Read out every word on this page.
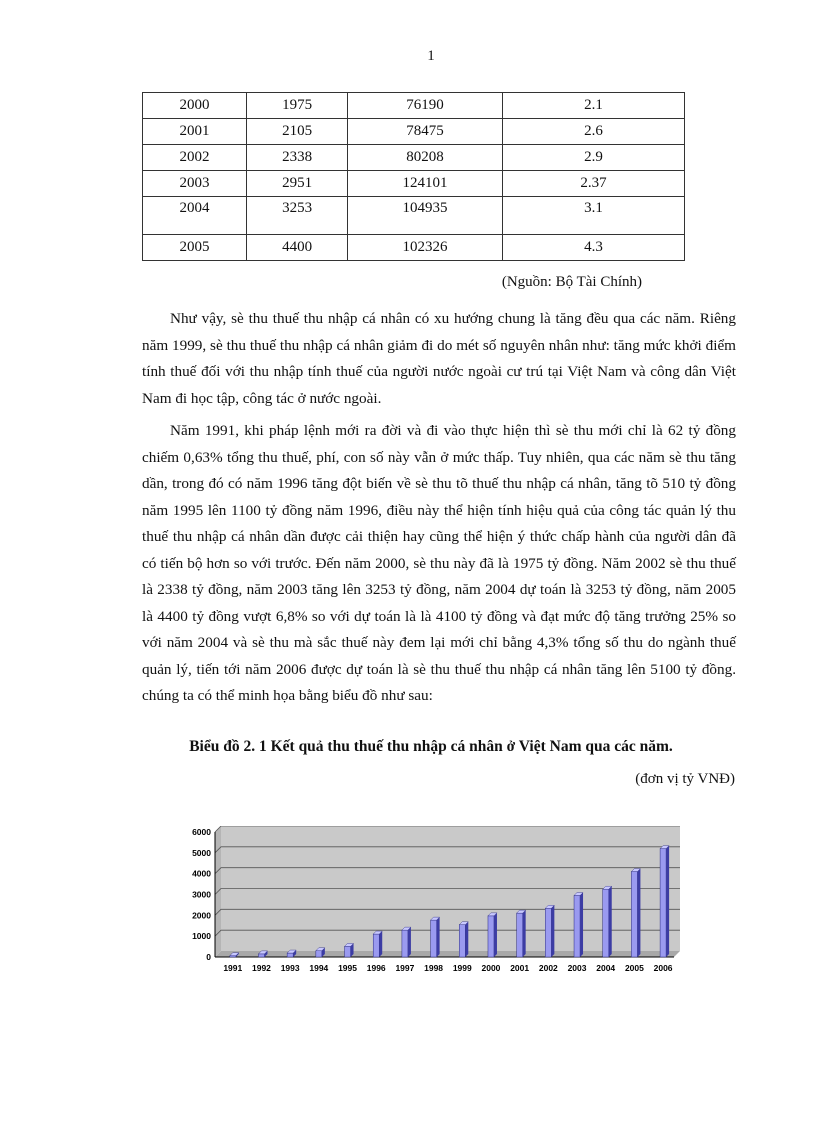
1
2000	1975	76190	2.1
2001	2105	78475	2.6
2002	2338	80208	2.9
2003	2951	124101	2.37
2004	3253	104935	3.1
2005	4400	102326	4.3
(Nguồn: Bộ Tài Chính)

Như vậy, sè thu thuế thu nhập cá nhân có xu hướng chung là tăng đều qua các năm. Riêng năm 1999, sè thu thuế thu nhập cá nhân giảm đi do mét số nguyên nhân như: tăng mức khởi điểm tính thuế đối với thu nhập tính thuế của người nước ngoài cư trú tại Việt Nam và công dân Việt Nam đi học tập, công tác ở nước ngoài.

Năm 1991, khi pháp lệnh mới ra đời và đi vào thực hiện thì sè thu mới chỉ là 62 tỷ đồng chiếm 0,63% tổng thu thuế, phí, con số này vẫn ở mức thấp. Tuy nhiên, qua các năm sè thu tăng dần, trong đó có năm 1996 tăng đột biến về sè thu tõ thuế thu nhập cá nhân, tăng tõ 510 tỷ đồng năm 1995 lên 1100 tỷ đồng năm 1996, điều này thể hiện tính hiệu quả của công tác quản lý thu thuế thu nhập cá nhân dần được cải thiện hay cũng thể hiện ý thức chấp hành của người dân đã có tiến bộ hơn so với trước. Đến năm 2000, sè thu này đã là 1975 tỷ đồng. Năm 2002 sè thu thuế là 2338 tỷ đồng, năm 2003 tăng lên 3253 tỷ đồng, năm 2004 dự toán là 3253 tỷ đồng, năm 2005 là 4400 tỷ đồng vượt 6,8% so với dự toán là là 4100 tỷ đồng và đạt mức độ tăng trưởng 25% so với năm 2004 và sè thu mà sắc thuế này đem lại mới chỉ bằng 4,3% tổng số thu do ngành thuế quản lý, tiến tới năm 2006 được dự toán là sè thu thuế thu nhập cá nhân tăng lên 5100 tỷ đồng. chúng ta có thể minh họa bằng biểu đồ như sau:

Biểu đồ 2. 1 Kết quả thu thuế thu nhập cá nhân ở Việt Nam qua các năm.
(đơn vị tỷ VNĐ)
0
1000
2000
3000
4000
5000
6000
1991 1992 1993 1994 1995 1996 1997 1998 1999 2000 2001 2002 2003 2004 2005 2006
